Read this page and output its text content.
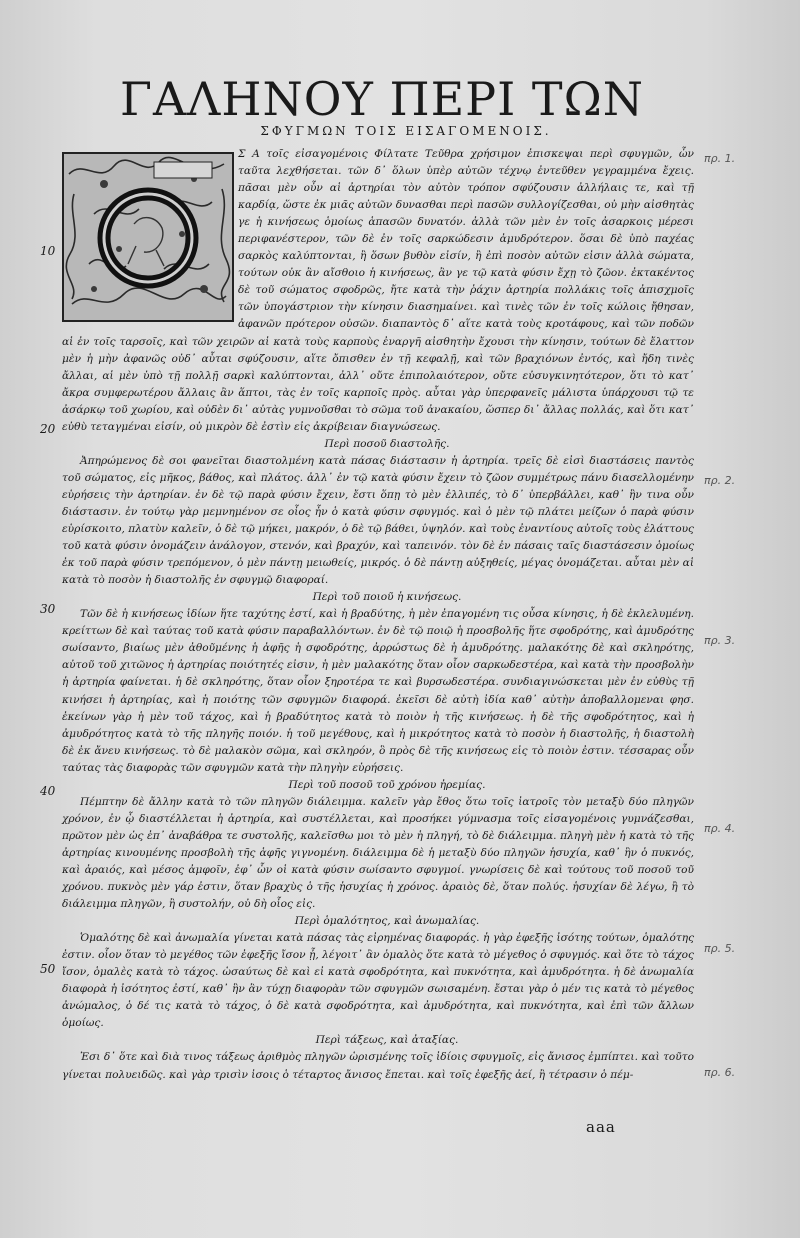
ΓΑΛΗΝΟΥ ΠΕΡΙ ΤΩΝ
ΣΦΥΓΜΩΝ ΤΟΙΣ ΕΙΣΑΓΟΜΕΝΟΙΣ.

Σ Α τοῖς εἰσαγομένοις Φίλτατε Τεῦθρα χρήσιμον ἐπισκεψαι περὶ σφυγμῶν, ὧν ταῦτα λεχθήσεται. τῶν δ᾽ ὅλων ὑπὲρ αὐτῶν τέχνῳ ἐντεῦθεν γεγραμμένα ἔχεις. πᾶσαι μὲν οὖν αἱ ἀρτηρίαι τὸν αὐτὸν τρόπον σφύζουσιν ἀλλήλαις τε, καὶ τῇ καρδίᾳ, ὥστε ἐκ μιᾶς αὐτῶν δυνασθαι περὶ πασῶν συλλογίζεσθαι, οὐ μὴν αἰσθητὰς γε ἡ κινήσεως ὁμοίως ἁπασῶν δυνατόν. ἀλλὰ τῶν μὲν ἐν τοῖς ἀσαρκοις μέρεσι περιφανέστερον, τῶν δὲ ἐν τοῖς σαρκώδεσιν ἀμυδρότερον. ὅσαι δὲ ὑπὸ παχέας σαρκὸς καλύπτονται, ἢ ὅσων βυθὸν εἰσίν, ἢ ἐπὶ ποσὸν αὐτῶν εἰσιν ἀλλὰ σώματα, τούτων οὐκ ἂν αἴσθοιο ἡ κινήσεως, ἂν γε τῷ κατὰ φύσιν ἔχῃ τὸ ζῶον. ἐκτακέντος δὲ τοῦ σώματος σφοδρῶς, ἤτε κατὰ τὴν ῥάχιν ἀρτηρία πολλάκις τοῖς ἀπισχμοῖς τῶν ὑπογάστριον τὴν κίνησιν διασημαίνει. καὶ τινὲς τῶν ἐν τοῖς κώλοις ἤθησαν, ἀφανῶν πρότερον οὐσῶν. διαπαντὸς δ᾽ αἵτε κατὰ τοὺς κροτάφους, καὶ τῶν ποδῶν αἱ ἐν τοῖς ταρσοῖς, καὶ τῶν χειρῶν αἱ κατὰ τοὺς καρποὺς ἐναργῆ αἰσθητὴν ἔχουσι τὴν κίνησιν, τούτων δὲ ἔλαττον μὲν ἡ μὴν ἀφανῶς οὐδ᾽ αὗται σφύζουσιν, αἵτε ὄπισθεν ἐν τῇ κεφαλῇ, καὶ τῶν βραχιόνων ἐντός, καὶ ἤδη τινὲς ἄλλαι, αἱ μὲν ὑπὸ τῇ πολλῇ σαρκὶ καλύπτονται, ἀλλ᾽ οὔτε ἐπιπολαιότερον, οὔτε εὐσυγκινητότερον, ὅτι τὸ κατ᾽ ἄκρα συμφερωτέρου ἄλλαις ἂν ἅπτοι, τὰς ἐν τοῖς καρποῖς πρὸς. αὗται γὰρ ὑπερφανεῖς μάλιστα ὑπάρχουσι τῷ τε ἀσάρκῳ τοῦ χωρίου, καὶ οὐδὲν δι᾽ αὐτὰς γυμνοῦσθαι τὸ σῶμα τοῦ ἀνακαίου, ὥσπερ δι᾽ ἄλλας πολλάς, καὶ ὅτι κατ᾽ εὐθὺ τεταγμέναι εἰσίν, οὐ μικρὸν δὲ ἐστὶν εἰς ἀκρίβειαν διαγνώσεως.

Περὶ ποσοῦ διαστολῆς.

Ἀπηρώμενος δὲ σοι φανεῖται διαστολμένη κατὰ πάσας διάστασιν ἡ ἀρτηρία. τρεῖς δὲ εἰσὶ διαστάσεις παντὸς τοῦ σώματος, εἰς μῆκος, βάθος, καὶ πλάτος. ἀλλ᾽ ἐν τῷ κατὰ φύσιν ἔχειν τὸ ζῶον συμμέτρως πάνυ διασελλομένην εὑρήσεις τὴν ἀρτηρίαν. ἐν δὲ τῷ παρὰ φύσιν ἔχειν, ἔστι ὅπῃ τὸ μὲν ἐλλιπές, τὸ δ᾽ ὑπερβάλλει, καθ᾽ ἣν τινα οὖν διάστασιν. ἐν τούτῳ γὰρ μεμνημένον σε οἷος ἦν ὁ κατὰ φύσιν σφυγμός. καὶ ὁ μὲν τῷ πλάτει μείζων ὁ παρὰ φύσιν εὑρίσκοιτο, πλατὺν καλεῖν, ὁ δὲ τῷ μήκει, μακρόν, ὁ δὲ τῷ βάθει, ὑψηλόν. καὶ τοὺς ἐναντίους αὐτοῖς τοὺς ἐλάττους τοῦ κατὰ φύσιν ὀνομάζειν ἀνάλογον, στενόν, καὶ βραχύν, καὶ ταπεινόν. τὸν δὲ ἐν πάσαις ταῖς διαστάσεσιν ὁμοίως ἐκ τοῦ παρὰ φύσιν τρεπόμενον, ὁ μὲν πάντῃ μειωθείς, μικρός. ὁ δὲ πάντῃ αὐξηθείς, μέγας ὀνομάζεται. αὗται μὲν αἱ κατὰ τὸ ποσὸν ἡ διαστολῆς ἐν σφυγμῷ διαφοραί.

Περὶ τοῦ ποιοῦ ἡ κινήσεως.

Τῶν δὲ ἡ κινήσεως ἰδίων ἥτε ταχύτης ἐστί, καὶ ἡ βραδύτης, ἡ μὲν ἐπαγομένη τις οὖσα κίνησις, ἡ δὲ ἐκλελυμένη. κρείττων δὲ καὶ ταύτας τοῦ κατὰ φύσιν παραβαλλόντων. ἐν δὲ τῷ ποιῷ ἡ προσβολῆς ἥτε σφοδρότης, καὶ ἀμυδρότης σωίσαντο, βιαίως μὲν ἀθοῦμένης ἡ ἁφῆς ἡ σφοδρότης, ἀρρώστως δὲ ἡ ἀμυδρότης. μαλακότης δὲ καὶ σκληρότης, αὐτοῦ τοῦ χιτῶνος ἡ ἀρτηρίας ποιότητές εἰσιν, ἡ μὲν μαλακότης ὅταν οἷον σαρκωδεστέρα, καὶ κατὰ τὴν προσβολὴν ἡ ἀρτηρία φαίνεται. ἡ δὲ σκληρότης, ὅταν οἷον ξηροτέρα τε καὶ βυρσωδεστέρα. συνδιαγινώσκεται μὲν ἐν εὐθὺς τῇ κινήσει ἡ ἀρτηρίας, καὶ ἡ ποιότης τῶν σφυγμῶν διαφορά. ἐκεῖσι δὲ αὐτὴ ἰδία καθ᾽ αὑτὴν ἀποβαλλομεναι φησ. ἐκείνων γὰρ ἡ μὲν τοῦ τάχος, καὶ ἡ βραδύτητος κατὰ τὸ ποιὸν ἡ τῆς κινήσεως. ἡ δὲ τῆς σφοδρότητος, καὶ ἡ ἀμυδρότητος κατὰ τὸ τῆς πληγῆς ποιόν. ἡ τοῦ μεγέθους, καὶ ἡ μικρότητος κατὰ τὸ ποσὸν ἡ διαστολῆς, ἡ διαστολὴ δὲ ἐκ ἄνευ κινήσεως. τὸ δὲ μαλακὸν σῶμα, καὶ σκληρόν, ὃ πρὸς δὲ τῆς κινήσεως εἰς τὸ ποιὸν ἐστιν. τέσσαρας οὖν ταύτας τὰς διαφορὰς τῶν σφυγμῶν κατὰ τὴν πληγὴν εὑρήσεις.

Περὶ τοῦ ποσοῦ τοῦ χρόνου ἠρεμίας.

Πέμπτην δὲ ἄλλην κατὰ τὸ τῶν πληγῶν διάλειμμα. καλεῖν γὰρ ἔθος ὅτω τοῖς ἰατροῖς τὸν μεταξὺ δύο πληγῶν χρόνον, ἐν ᾧ διαστέλλεται ἡ ἀρτηρία, καὶ συστέλλεται, καὶ προσήκει γύμνασμα τοῖς εἰσαγομένοις γυμνάζεσθαι, πρῶτον μὲν ὡς ἐπ᾽ ἀναβάθρα τε συστολῆς, καλεῖσθω μοι τὸ μὲν ἡ πληγή, τὸ δὲ διάλειμμα. πληγὴ μὲν ἡ κατὰ τὸ τῆς ἀρτηρίας κινουμένης προσβολὴ τῆς ἁφῆς γιγνομένη. διάλειμμα δὲ ἡ μεταξὺ δύο πληγῶν ἡσυχία, καθ᾽ ἣν ὁ πυκνός, καὶ ἀραιός, καὶ μέσος ἀμφοῖν, ἐφ᾽ ὧν οἱ κατὰ φύσιν σωίσαντο σφυγμοί. γνωρίσεις δὲ καὶ τούτους τοῦ ποσοῦ τοῦ χρόνου. πυκνὸς μὲν γάρ ἐστιν, ὅταν βραχὺς ὁ τῆς ἡσυχίας ἡ χρόνος. ἀραιὸς δὲ, ὅταν πολύς. ἡσυχίαν δὲ λέγω, ἢ τὸ διάλειμμα πληγῶν, ἢ συστολήν, οὐ δὴ οἷος εἰς.

Περὶ ὁμαλότητος, καὶ ἀνωμαλίας.

Ὁμαλότης δὲ καὶ ἀνωμαλία γίνεται κατὰ πάσας τὰς εἰρημένας διαφοράς. ἡ γὰρ ἐφεξῆς ἰσότης τούτων, ὁμαλότης ἐστιν. οἷον ὅταν τὸ μεγέθος τῶν ἐφεξῆς ἴσον ᾖ, λέγοιτ᾽ ἂν ὁμαλὸς ὅτε κατὰ τὸ μέγεθος ὁ σφυγμός. καὶ ὅτε τὸ τάχος ἴσον, ὁμαλὲς κατὰ τὸ τάχος. ὡσαύτως δὲ καὶ εἰ κατὰ σφοδρότητα, καὶ πυκνότητα, καὶ ἀμυδρότητα. ἡ δὲ ἀνωμαλία διαφορὰ ἡ ἰσότητος ἐστί, καθ᾽ ἣν ἂν τύχῃ διαφορὰν τῶν σφυγμῶν σωισαμένη. ἔσται γὰρ ὁ μέν τις κατὰ τὸ μέγεθος ἀνώμαλος, ὁ δέ τις κατὰ τὸ τάχος, ὁ δὲ κατὰ σφοδρότητα, καὶ ἀμυδρότητα, καὶ πυκνότητα, καὶ ἐπὶ τῶν ἄλλων ὁμοίως.

Περὶ τάξεως, καὶ ἀταξίας.

Ἐσι δ᾽ ὅτε καὶ διὰ τινος τάξεως ἀριθμὸς πληγῶν ὡρισμένης τοῖς ἰδίοις σφυγμοῖς, εἰς ἄνισος ἐμπίπτει. καὶ τοῦτο γίνεται πολυειδῶς. καὶ γὰρ τρισὶν ἰσοις ὁ τέταρτος ἄνισος ἔπεται. καὶ τοῖς ἐφεξῆς ἀεί, ἢ τέτρασιν ὁ πέμ-

10
20
30
40
50
πρ. 1.
πρ. 2.
πρ. 3.
πρ. 4.
πρ. 5.
πρ. 6.
aaa
